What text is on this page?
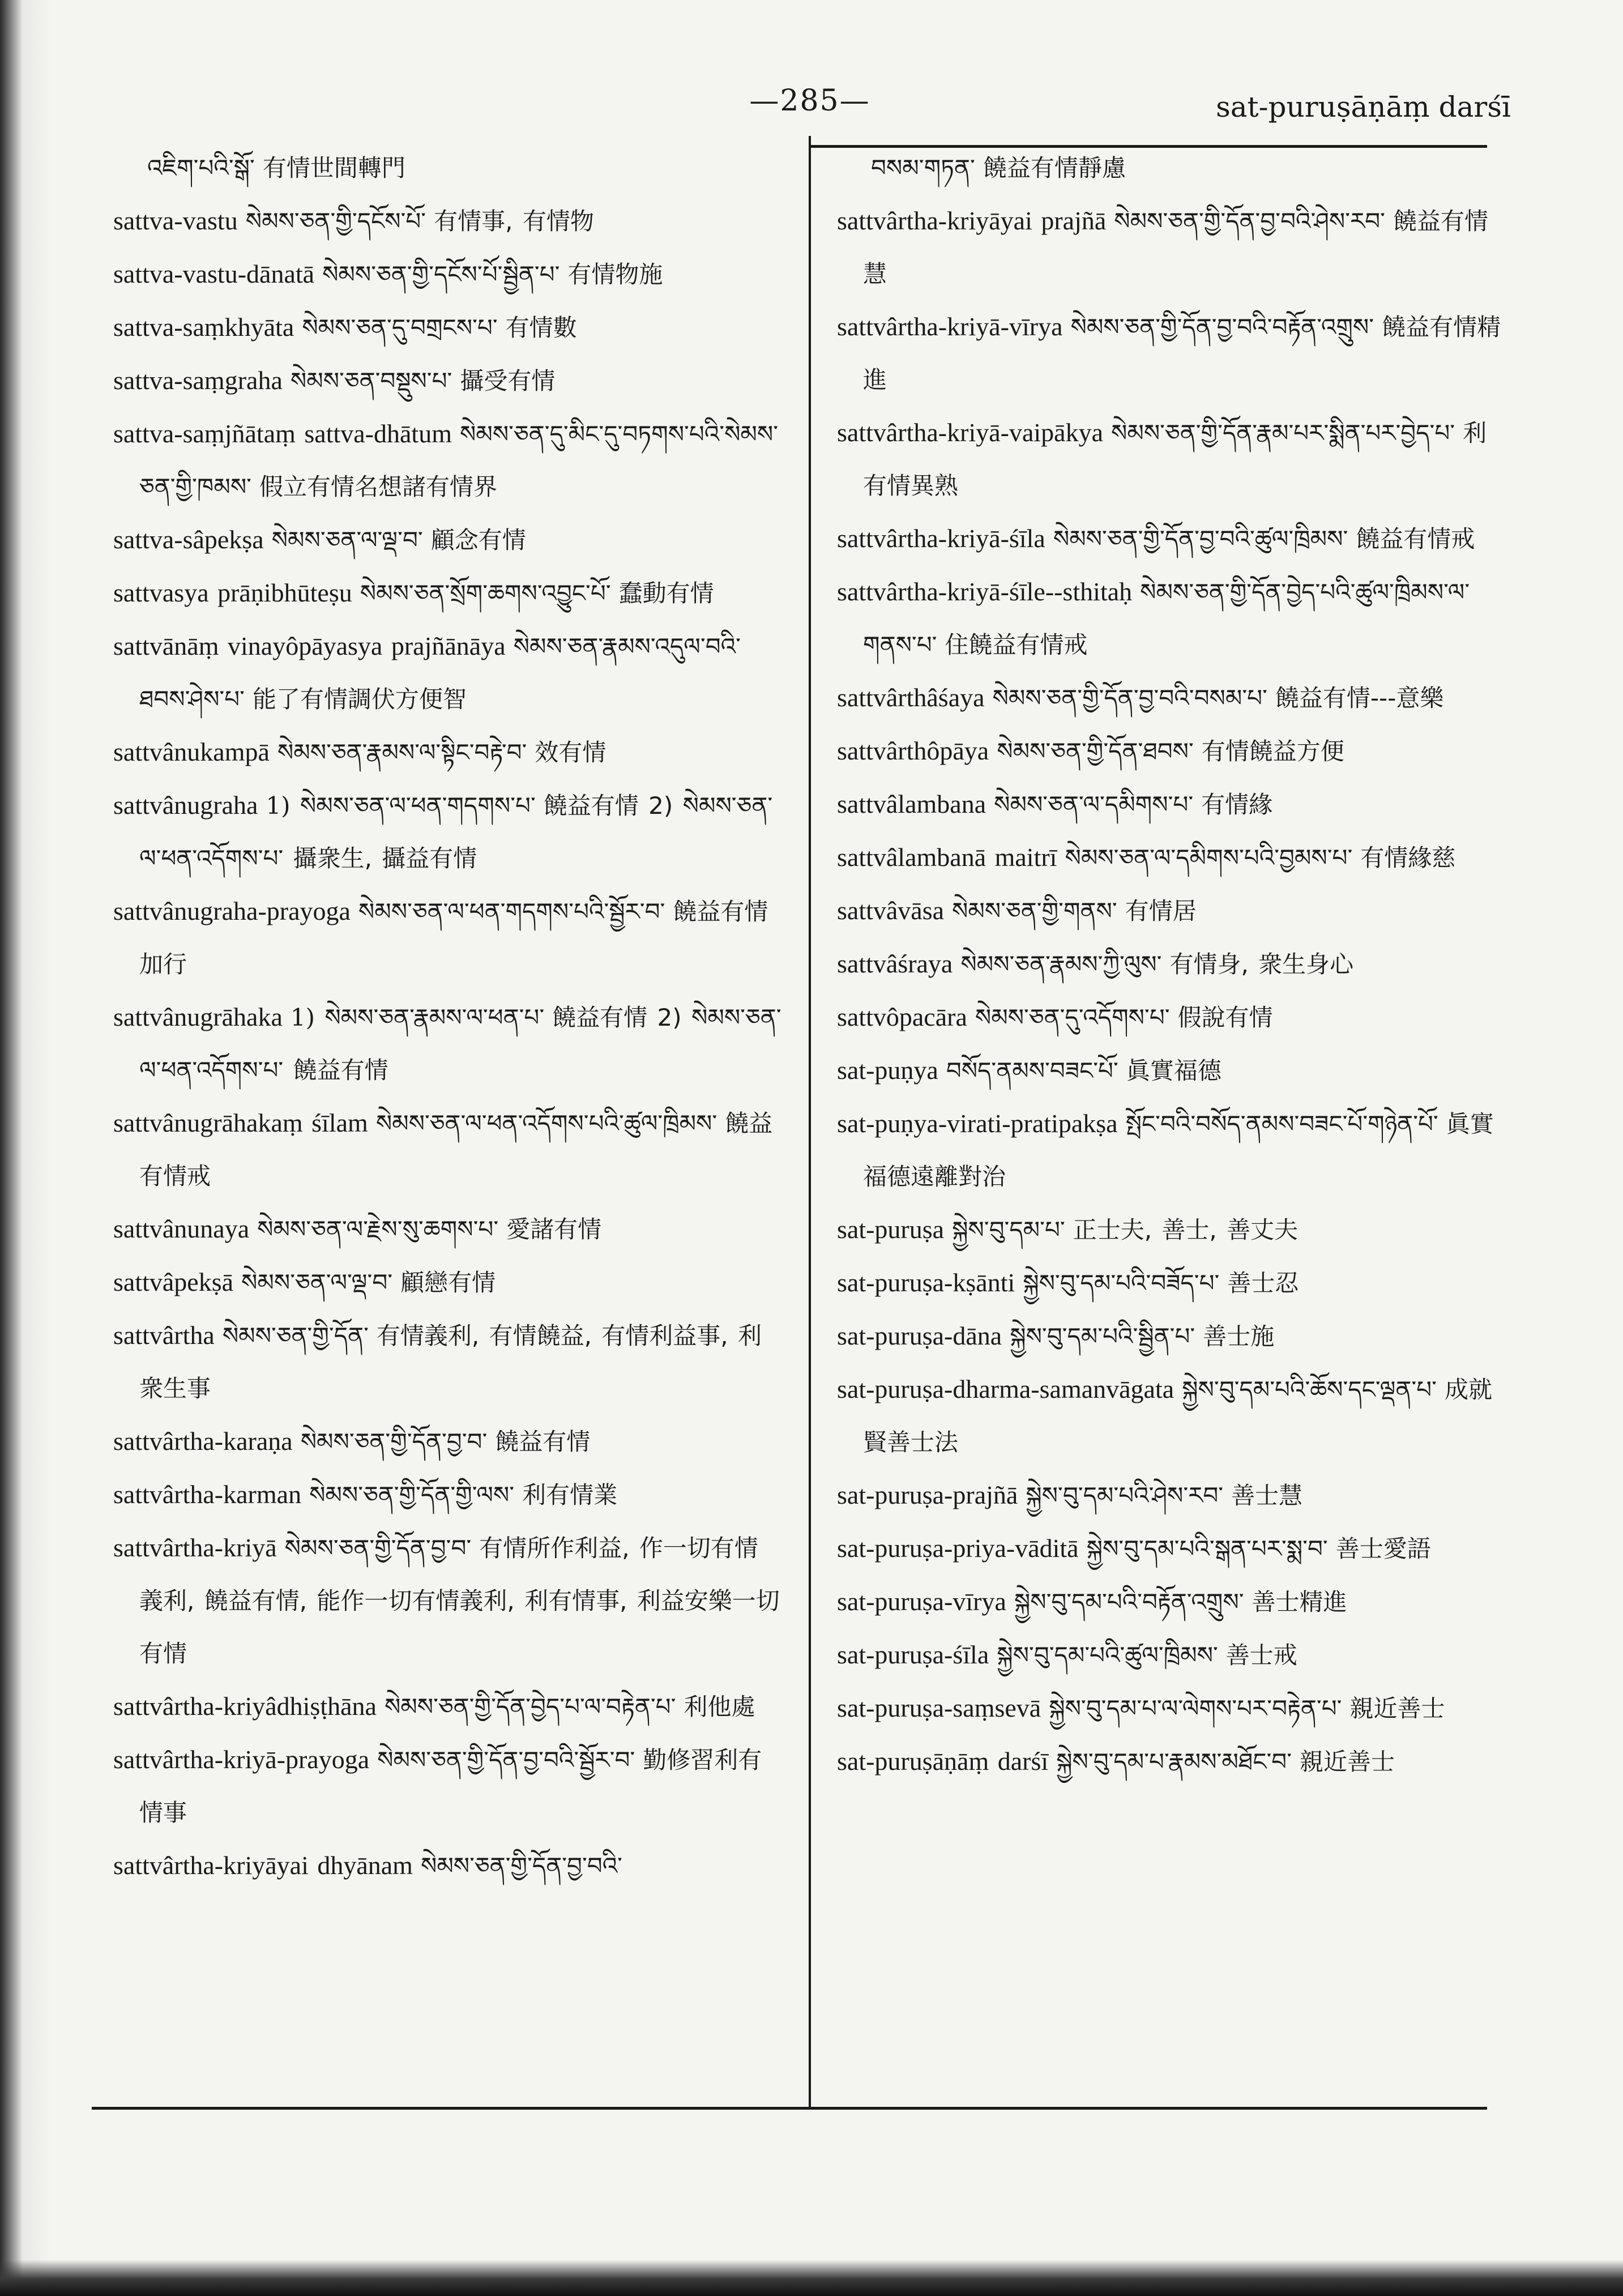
—285—	sat-puruṣāṇāṃ darśī
འཇིག་པའི་སྒོ་ 有情世間轉門
sattva-vastu སེམས་ཅན་གྱི་དངོས་པོ་ 有情事, 有情物
sattva-vastu-dānatā སེམས་ཅན་གྱི་དངོས་པོ་སྦྱིན་པ་ 有情物施
sattva-saṃkhyāta སེམས་ཅན་དུ་བགྲངས་པ་ 有情數
sattva-saṃgraha སེམས་ཅན་བསྡུས་པ་ 攝受有情
sattva-saṃjñātaṃ sattva-dhātum སེམས་ཅན་དུ་མིང་དུ་བཏགས་པའི་སེམས་ཅན་གྱི་ཁམས་ 假立有情名想諸有情界
sattva-sâpekṣa སེམས་ཅན་ལ་ལྡ་བ་ 顧念有情
sattvasya prāṇibhūteṣu སེམས་ཅན་སྲོག་ཆགས་འབྱུང་པོ་ 蠢動有情
sattvānāṃ vinayôpāyasya prajñānāya སེམས་ཅན་རྣམས་འདུལ་བའི་ཐབས་ཤེས་པ་ 能了有情調伏方便智
sattvânukampā སེམས་ཅན་རྣམས་ལ་སྟིང་བརྟེ་བ་ 效有情
sattvânugraha 1) སེམས་ཅན་ལ་ཕན་གདགས་པ་ 饒益有情 2) སེམས་ཅན་ལ་ཕན་འདོགས་པ་ 攝衆生, 攝益有情
sattvânugraha-prayoga སེམས་ཅན་ལ་ཕན་གདགས་པའི་སྦྱོར་བ་ 饒益有情加行
sattvânugrāhaka 1) སེམས་ཅན་རྣམས་ལ་ཕན་པ་ 饒益有情 2) སེམས་ཅན་ལ་ཕན་འདོགས་པ་ 饒益有情
sattvânugrāhakaṃ śīlam སེམས་ཅན་ལ་ཕན་འདོགས་པའི་ཚུལ་ཁྲིམས་ 饒益有情戒
sattvânunaya སེམས་ཅན་ལ་རྗེས་སུ་ཆགས་པ་ 愛諸有情
sattvâpekṣā སེམས་ཅན་ལ་ལྡ་བ་ 顧戀有情
sattvârtha སེམས་ཅན་གྱི་དོན་ 有情義利, 有情饒益, 有情利益事, 利衆生事
sattvârtha-karaṇa སེམས་ཅན་གྱི་དོན་བྱ་བ་ 饒益有情
sattvârtha-karman སེམས་ཅན་གྱི་དོན་གྱི་ལས་ 利有情業
sattvârtha-kriyā སེམས་ཅན་གྱི་དོན་བྱ་བ་ 有情所作利益, 作一切有情義利, 饒益有情, 能作一切有情義利, 利有情事, 利益安樂一切有情
sattvârtha-kriyâdhiṣṭhāna སེམས་ཅན་གྱི་དོན་བྱེད་པ་ལ་བརྟེན་པ་ 利他處
sattvârtha-kriyā-prayoga སེམས་ཅན་གྱི་དོན་བྱ་བའི་སྦྱོར་བ་ 勤修習利有情事
sattvârtha-kriyāyai dhyānam སེམས་ཅན་གྱི་དོན་བྱ་བའི་
བསམ་གཏན་ 饒益有情靜慮
sattvârtha-kriyāyai prajñā སེམས་ཅན་གྱི་དོན་བྱ་བའི་ཤེས་རབ་ 饒益有情慧
sattvârtha-kriyā-vīrya སེམས་ཅན་གྱི་དོན་བྱ་བའི་བརྟོན་འགྲུས་ 饒益有情精進
sattvârtha-kriyā-vaipākya སེམས་ཅན་གྱི་དོན་རྣམ་པར་སྨིན་པར་བྱེད་པ་ 利有情異熟
sattvârtha-kriyā-śīla སེམས་ཅན་གྱི་དོན་བྱ་བའི་ཚུལ་ཁྲིམས་ 饒益有情戒
sattvârtha-kriyā-śīle--sthitaḥ སེམས་ཅན་གྱི་དོན་བྱེད་པའི་ཚུལ་ཁྲིམས་ལ་གནས་པ་ 住饒益有情戒
sattvârthâśaya སེམས་ཅན་གྱི་དོན་བྱ་བའི་བསམ་པ་ 饒益有情---意樂
sattvârthôpāya སེམས་ཅན་གྱི་དོན་ཐབས་ 有情饒益方便
sattvâlambana སེམས་ཅན་ལ་དམིགས་པ་ 有情緣
sattvâlambanā maitrī སེམས་ཅན་ལ་དམིགས་པའི་བྱམས་པ་ 有情緣慈
sattvâvāsa སེམས་ཅན་གྱི་གནས་ 有情居
sattvâśraya སེམས་ཅན་རྣམས་ཀྱི་ལུས་ 有情身, 衆生身心
sattvôpacāra སེམས་ཅན་དུ་འདོགས་པ་ 假說有情
sat-puṇya བསོད་ནམས་བཟང་པོ་ 眞實福德
sat-puṇya-virati-pratipakṣa སྤོང་བའི་བསོད་ནམས་བཟང་པོ་གཉེན་པོ་ 眞實福德遠離對治
sat-puruṣa སྐྱེས་བུ་དམ་པ་ 正士夫, 善士, 善丈夫
sat-puruṣa-kṣānti སྐྱེས་བུ་དམ་པའི་བཟོད་པ་ 善士忍
sat-puruṣa-dāna སྐྱེས་བུ་དམ་པའི་སྦྱིན་པ་ 善士施
sat-puruṣa-dharma-samanvāgata སྐྱེས་བུ་དམ་པའི་ཆོས་དང་ལྡན་པ་ 成就賢善士法
sat-puruṣa-prajñā སྐྱེས་བུ་དམ་པའི་ཤེས་རབ་ 善士慧
sat-puruṣa-priya-vāditā སྐྱེས་བུ་དམ་པའི་སྒན་པར་སྨ་བ་ 善士愛語
sat-puruṣa-vīrya སྐྱེས་བུ་དམ་པའི་བརྟོན་འགྲུས་ 善士精進
sat-puruṣa-śīla སྐྱེས་བུ་དམ་པའི་ཚུལ་ཁྲིམས་ 善士戒
sat-puruṣa-saṃsevā སྐྱེས་བུ་དམ་པ་ལ་ལེགས་པར་བརྟེན་པ་ 親近善士
sat-puruṣāṇāṃ darśī སྐྱེས་བུ་དམ་པ་རྣམས་མཐོང་བ་ 親近善士
